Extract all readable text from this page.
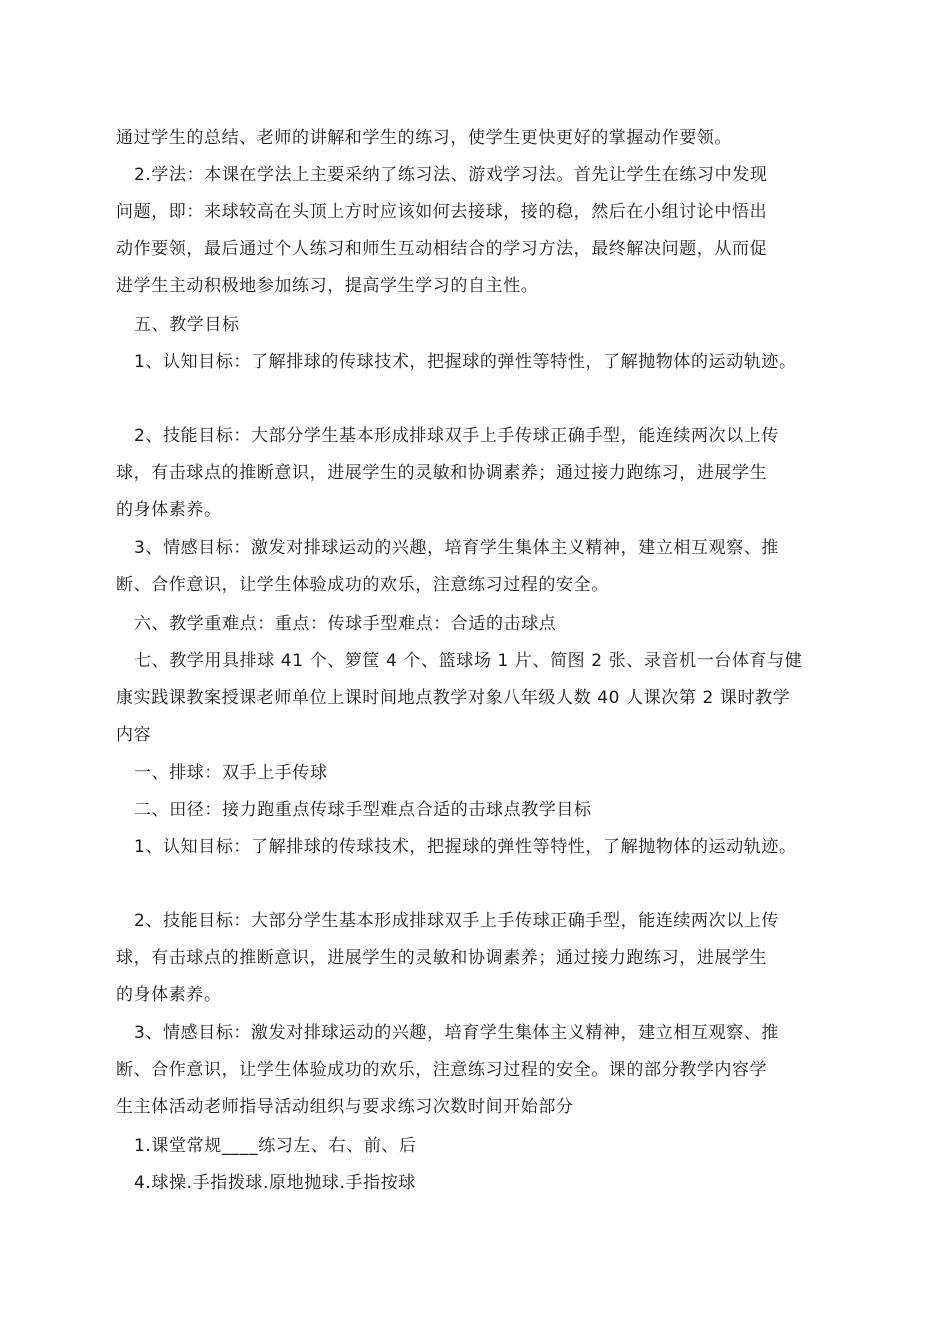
通过学生的总结、老师的讲解和学生的练习，使学生更快更好的掌握动作要领。
2.学法：本课在学法上主要采纳了练习法、游戏学习法。首先让学生在练习中发现
问题，即：来球较高在头顶上方时应该如何去接球，接的稳，然后在小组讨论中悟出
动作要领，最后通过个人练习和师生互动相结合的学习方法，最终解决问题，从而促
进学生主动积极地参加练习，提高学生学习的自主性。
五、教学目标
1、认知目标：了解排球的传球技术，把握球的弹性等特性，了解抛物体的运动轨迹。
2、技能目标：大部分学生基本形成排球双手上手传球正确手型，能连续两次以上传
球，有击球点的推断意识，进展学生的灵敏和协调素养；通过接力跑练习，进展学生
的身体素养。
3、情感目标：激发对排球运动的兴趣，培育学生集体主义精神，建立相互观察、推
断、合作意识，让学生体验成功的欢乐，注意练习过程的安全。
六、教学重难点：重点：传球手型难点：合适的击球点
七、教学用具排球 41 个、箩筐 4 个、篮球场 1 片、简图 2 张、录音机一台体育与健
康实践课教案授课老师单位上课时间地点教学对象八年级人数 40 人课次第 2 课时教学
内容
一、排球：双手上手传球
二、田径：接力跑重点传球手型难点合适的击球点教学目标
1、认知目标：了解排球的传球技术，把握球的弹性等特性，了解抛物体的运动轨迹。
2、技能目标：大部分学生基本形成排球双手上手传球正确手型，能连续两次以上传
球，有击球点的推断意识，进展学生的灵敏和协调素养；通过接力跑练习，进展学生
的身体素养。
3、情感目标：激发对排球运动的兴趣，培育学生集体主义精神，建立相互观察、推
断、合作意识，让学生体验成功的欢乐，注意练习过程的安全。课的部分教学内容学
生主体活动老师指导活动组织与要求练习次数时间开始部分
1.课堂常规____练习左、右、前、后
4.球操.手指拨球.原地抛球.手指按球
